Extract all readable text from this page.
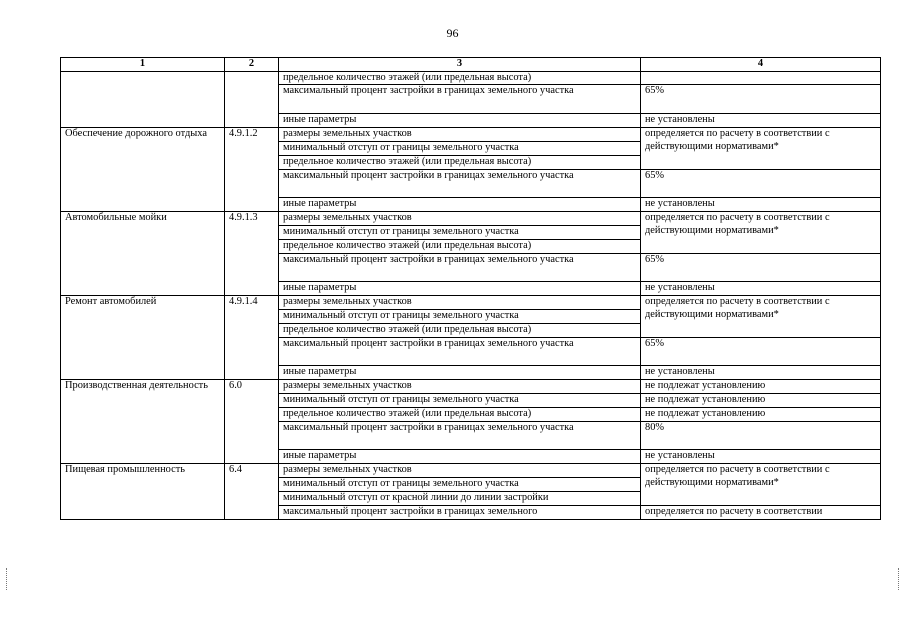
96
1	2	3	4
		предельное количество этажей (или предельная высота)	
		максимальный процент застройки в границах земельного участка	65%
		иные параметры	не установлены
Обеспечение дорожного отдыха	4.9.1.2	размеры земельных участков	определяется по расчету в соответствии с действующими нормативами*
		минимальный отступ от границы земельного участка	
		предельное количество этажей (или предельная высота)	
		максимальный процент застройки в границах земельного участка	65%
		иные параметры	не установлены
Автомобильные мойки	4.9.1.3	размеры земельных участков	определяется по расчету в соответствии с действующими нормативами*
		минимальный отступ от границы земельного участка	
		предельное количество этажей (или предельная высота)	
		максимальный процент застройки в границах земельного участка	65%
		иные параметры	не установлены
Ремонт автомобилей	4.9.1.4	размеры земельных участков	определяется по расчету в соответствии с действующими нормативами*
		минимальный отступ от границы земельного участка	
		предельное количество этажей (или предельная высота)	
		максимальный процент застройки в границах земельного участка	65%
		иные параметры	не установлены
Производственная деятельность	6.0	размеры земельных участков	не подлежат установлению
		минимальный отступ от границы земельного участка	не подлежат установлению
		предельное количество этажей (или предельная высота)	не подлежат установлению
		максимальный процент застройки в границах земельного участка	80%
		иные параметры	не установлены
Пищевая промышленность	6.4	размеры земельных участков	определяется по расчету в соответствии с действующими нормативами*
		минимальный отступ от границы земельного участка	
		минимальный отступ от красной линии до линии застройки	
		максимальный процент застройки в границах земельного	определяется по расчету в соответствии
